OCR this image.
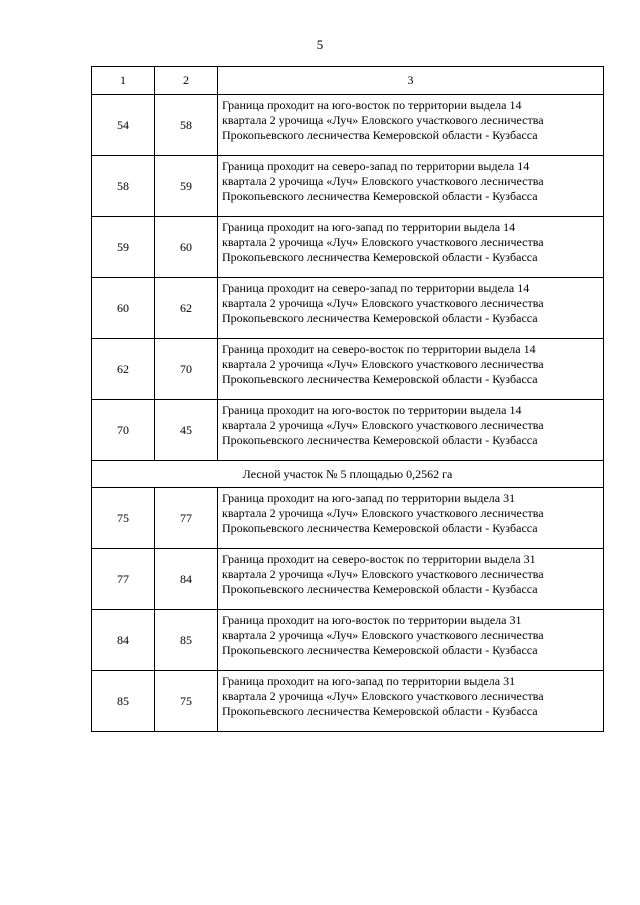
5
1	2	3
54	58	Граница проходит на юго-восток по территории выдела 14
квартала 2 урочища «Луч» Еловского участкового лесничества
Прокопьевского лесничества Кемеровской области - Кузбасса

58	59	Граница проходит на северо-запад по территории выдела 14
квартала 2 урочища «Луч» Еловского участкового лесничества
Прокопьевского лесничества Кемеровской области - Кузбасса

59	60	Граница проходит на юго-запад по территории выдела 14
квартала 2 урочища «Луч» Еловского участкового лесничества
Прокопьевского лесничества Кемеровской области - Кузбасса

60	62	Граница проходит на северо-запад по территории выдела 14
квартала 2 урочища «Луч» Еловского участкового лесничества
Прокопьевского лесничества Кемеровской области - Кузбасса

62	70	Граница проходит на северо-восток по территории выдела 14
квартала 2 урочища «Луч» Еловского участкового лесничества
Прокопьевского лесничества Кемеровской области - Кузбасса

70	45	Граница проходит на юго-восток по территории выдела 14
квартала 2 урочища «Луч» Еловского участкового лесничества
Прокопьевского лесничества Кемеровской области - Кузбасса

Лесной участок № 5 площадью 0,2562 га		
75	77	Граница проходит на юго-запад по территории выдела 31
квартала 2 урочища «Луч» Еловского участкового лесничества
Прокопьевского лесничества Кемеровской области - Кузбасса

77	84	Граница проходит на северо-восток по территории выдела 31
квартала 2 урочища «Луч» Еловского участкового лесничества
Прокопьевского лесничества Кемеровской области - Кузбасса

84	85	Граница проходит на юго-восток по территории выдела 31
квартала 2 урочища «Луч» Еловского участкового лесничества
Прокопьевского лесничества Кемеровской области - Кузбасса

85	75	Граница проходит на юго-запад по территории выдела 31
квартала 2 урочища «Луч» Еловского участкового лесничества
Прокопьевского лесничества Кемеровской области - Кузбасса
